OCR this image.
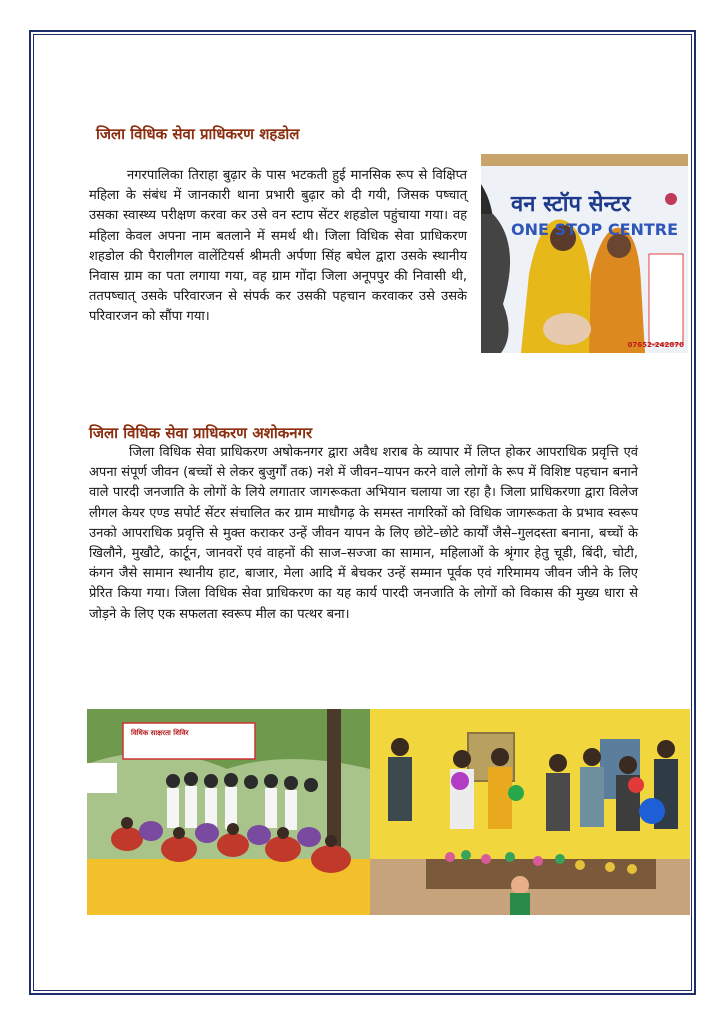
जिला विधिक सेवा प्राधिकरण शहडोल

नगरपालिका तिराहा बुढ़ार के पास भटकती हुई मानसिक रूप से विक्षिप्त महिला के संबंध में जानकारी थाना प्रभारी बुढ़ार को दी गयी, जिसक पष्चात् उसका स्वास्थ्य परीक्षण करवा कर उसे वन स्टाप सेंटर शहडोल पहुंचाया गया। वह महिला केवल अपना नाम बतलाने में समर्थ थी। जिला विधिक सेवा प्राधिकरण शहडोल की पैरालीगल वालेंटियर्स श्रीमती अर्पणा सिंह बघेल द्वारा उसके स्थानीय निवास ग्राम का पता लगाया गया, वह ग्राम गोंदा जिला अनूपपुर की निवासी थी, ततपष्चात् उसके परिवारजन से संपर्क कर उसकी पहचान करवाकर उसे उसके परिवारजन को सौंपा गया।

वन स्टॉप सेन्टर
ONE STOP CENTRE
07652-242870
जिला विधिक सेवा प्राधिकरण अशोकनगर

जिला विधिक सेवा प्राधिकरण अषोकनगर द्वारा अवैध शराब के व्यापार में लिप्त होकर आपराधिक प्रवृत्ति एवं अपना संपूर्ण जीवन (बच्चों से लेकर बुजुर्गों तक) नशे में जीवन–यापन करने वाले लोगों के रूप में विशिष्ट पहचान बनाने वाले पारदी जनजाति के लोगों के लिये लगातार जागरूकता अभियान चलाया जा रहा है। जिला प्राधिकरणा द्वारा विलेज लीगल केयर एण्ड सपोर्ट सेंटर संचालित कर ग्राम माधौगढ़ के समस्त नागरिकों को विधिक जागरूकता के प्रभाव स्वरूप उनको आपराधिक प्रवृत्ति से मुक्त कराकर उन्हें जीवन यापन के लिए छोटे–छोटे कार्यों जैसे–गुलदस्ता बनाना, बच्चों के खिलौने, मुखौटे, कार्टून, जानवरों एवं वाहनों की साज–सज्जा का सामान, महिलाओं के श्रृंगार हेतु चूडी, बिंदी, चोटी, कंगन जैसे सामान स्थानीय हाट, बाजार, मेला आदि में बेचकर उन्हें सम्मान पूर्वक एवं गरिमामय जीवन जीने के लिए प्रेरित किया गया। जिला विधिक सेवा प्राधिकरण का यह कार्य पारदी जनजाति के लोगों को विकास की मुख्य धारा से जोड़ने के लिए एक सफलता स्वरूप मील का पत्थर बना।

विधिक साक्षरता शिविर
